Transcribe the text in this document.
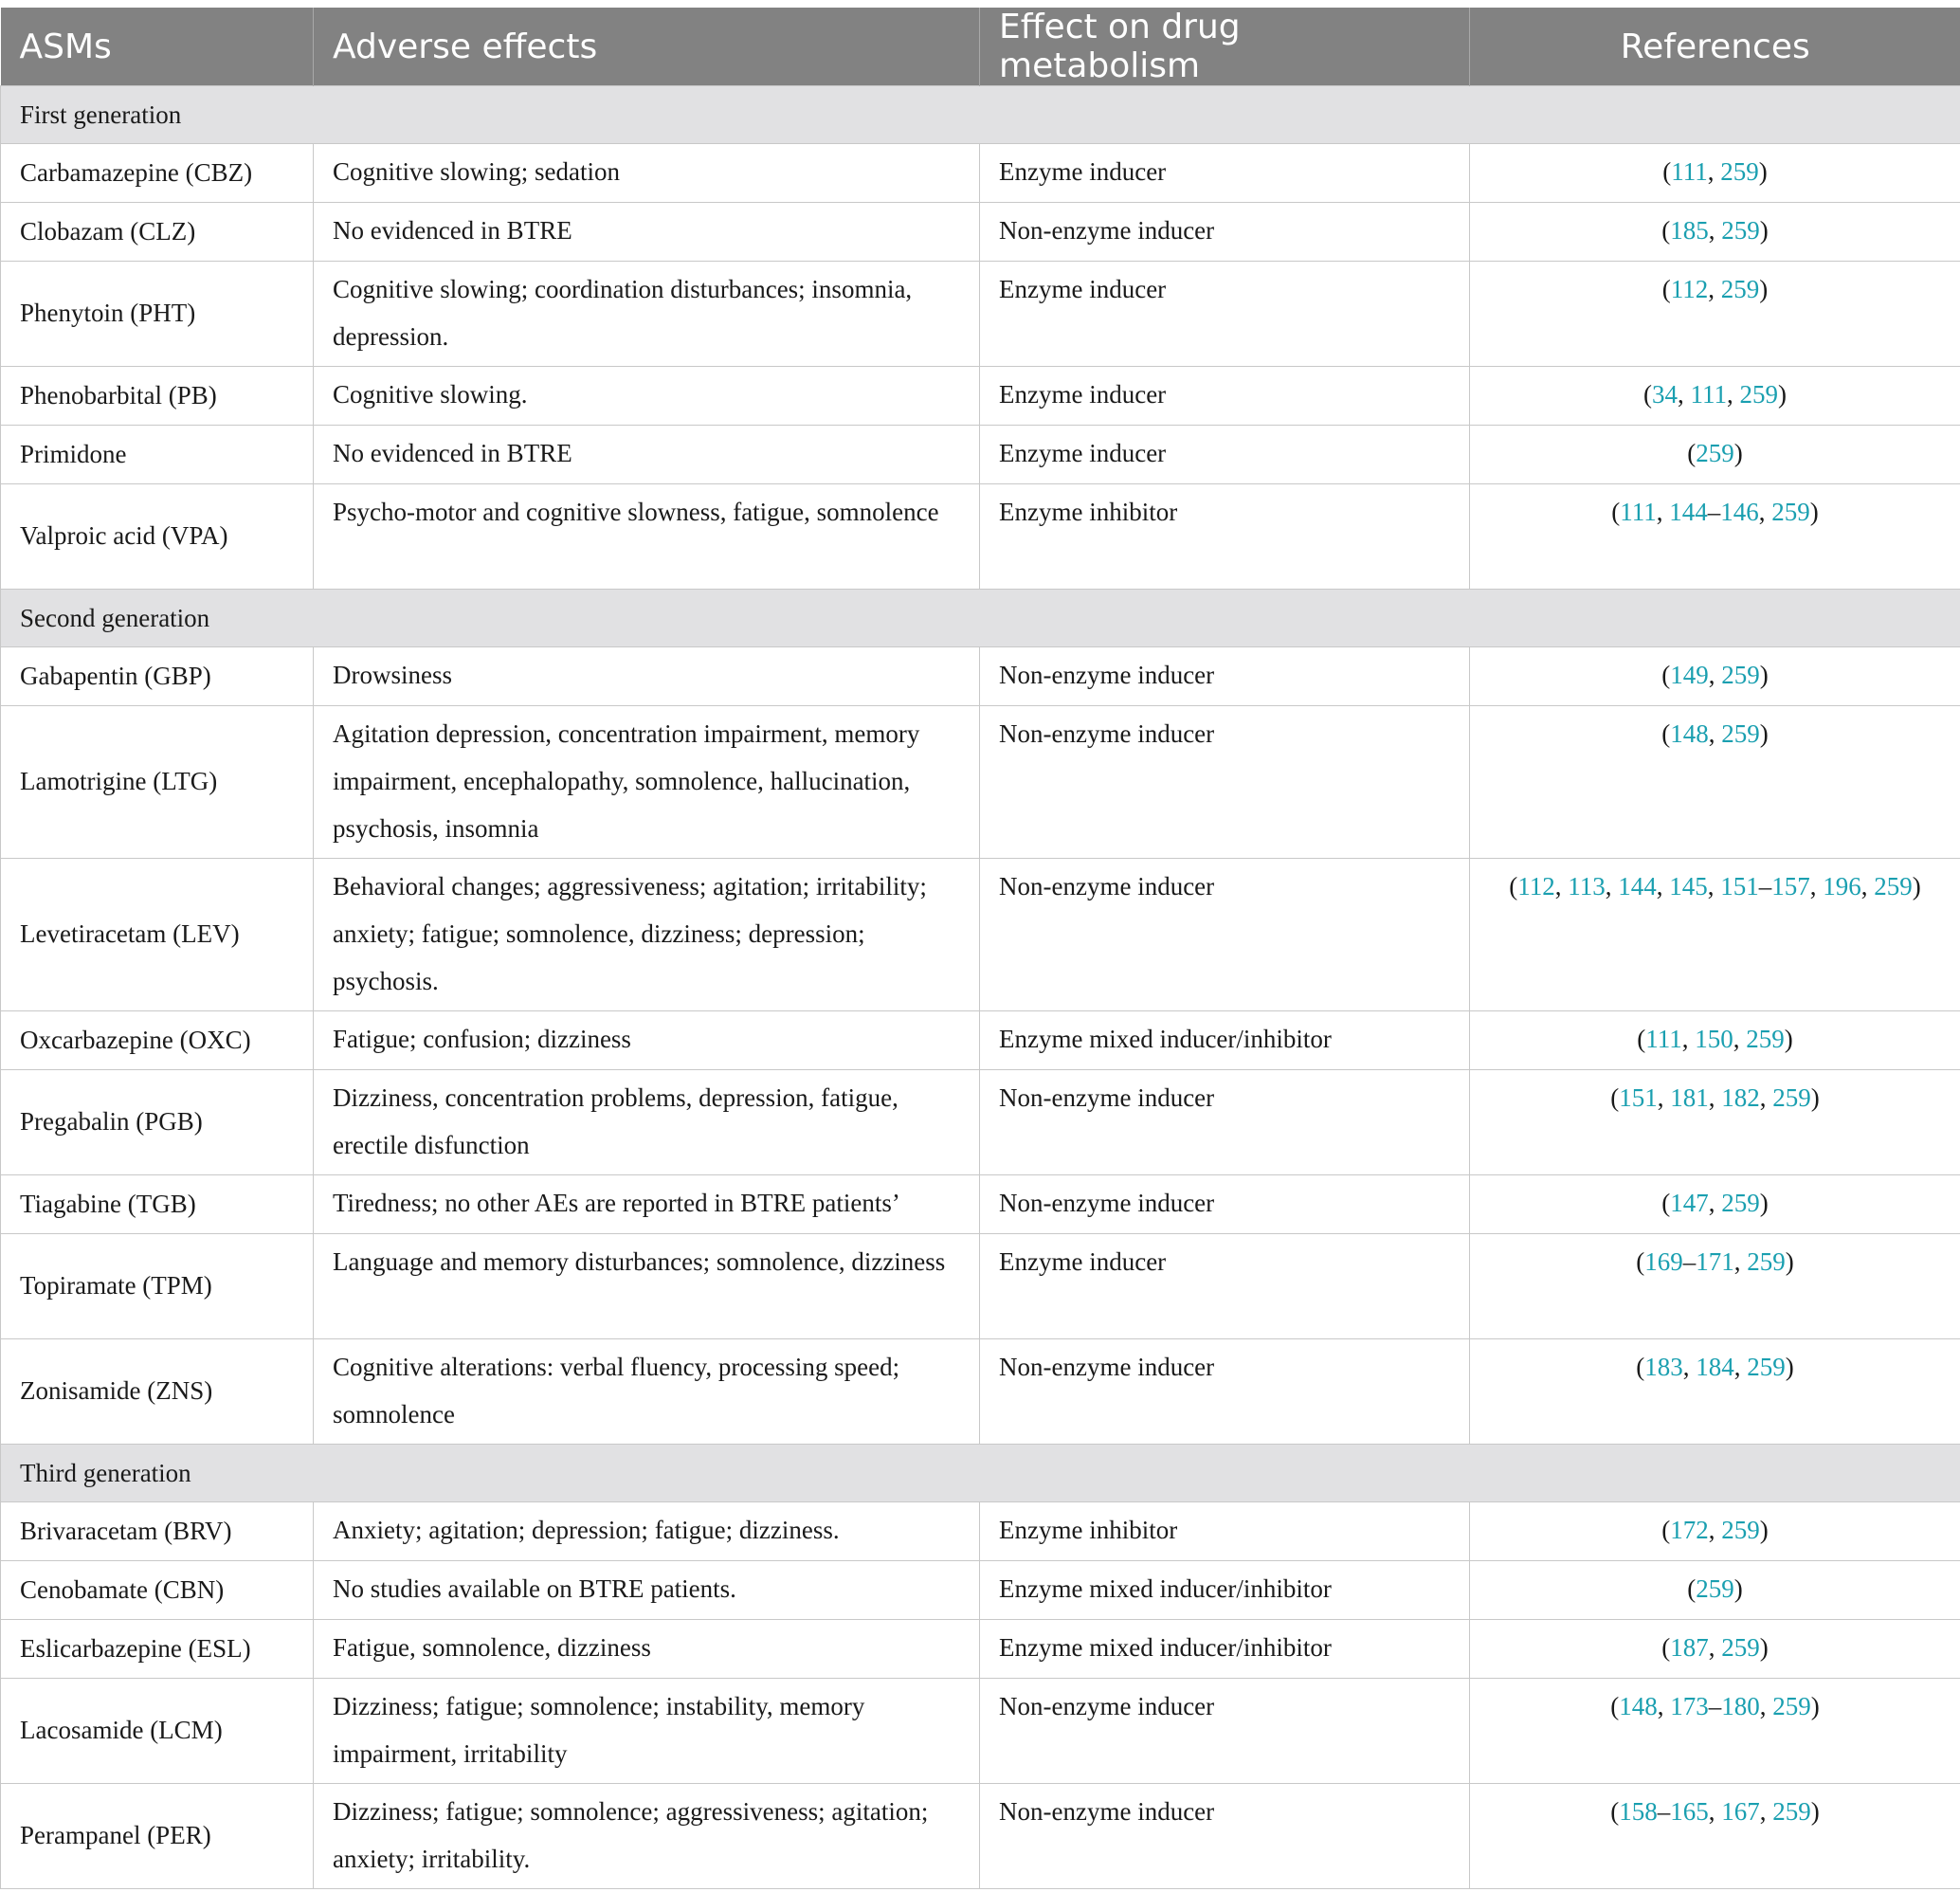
ASMs	Adverse effects	Effect on drug metabolism	References
First generation			
Carbamazepine (CBZ)	Cognitive slowing; sedation	Enzyme inducer	(111, 259)
Clobazam (CLZ)	No evidenced in BTRE	Non-enzyme inducer	(185, 259)
Phenytoin (PHT)	Cognitive slowing; coordination disturbances; insomnia, depression.	Enzyme inducer	(112, 259)
Phenobarbital (PB)	Cognitive slowing.	Enzyme inducer	(34, 111, 259)
Primidone	No evidenced in BTRE	Enzyme inducer	(259)
Valproic acid (VPA)	Psycho-motor and cognitive slowness, fatigue, somnolence	Enzyme inhibitor	(111, 144–146, 259)
Second generation			
Gabapentin (GBP)	Drowsiness	Non-enzyme inducer	(149, 259)
Lamotrigine (LTG)	Agitation depression, concentration impairment, memory impairment, encephalopathy, somnolence, hallucination, psychosis, insomnia	Non-enzyme inducer	(148, 259)
Levetiracetam (LEV)	Behavioral changes; aggressiveness; agitation; irritability; anxiety; fatigue; somnolence, dizziness; depression; psychosis.	Non-enzyme inducer	(112, 113, 144, 145, 151–157, 196, 259)
Oxcarbazepine (OXC)	Fatigue; confusion; dizziness	Enzyme mixed inducer/inhibitor	(111, 150, 259)
Pregabalin (PGB)	Dizziness, concentration problems, depression, fatigue, erectile disfunction	Non-enzyme inducer	(151, 181, 182, 259)
Tiagabine (TGB)	Tiredness; no other AEs are reported in BTRE patients’	Non-enzyme inducer	(147, 259)
Topiramate (TPM)	Language and memory disturbances; somnolence, dizziness	Enzyme inducer	(169–171, 259)
Zonisamide (ZNS)	Cognitive alterations: verbal fluency, processing speed; somnolence	Non-enzyme inducer	(183, 184, 259)
Third generation			
Brivaracetam (BRV)	Anxiety; agitation; depression; fatigue; dizziness.	Enzyme inhibitor	(172, 259)
Cenobamate (CBN)	No studies available on BTRE patients.	Enzyme mixed inducer/inhibitor	(259)
Eslicarbazepine (ESL)	Fatigue, somnolence, dizziness	Enzyme mixed inducer/inhibitor	(187, 259)
Lacosamide (LCM)	Dizziness; fatigue; somnolence; instability, memory impairment, irritability	Non-enzyme inducer	(148, 173–180, 259)
Perampanel (PER)	Dizziness; fatigue; somnolence; aggressiveness; agitation; anxiety; irritability.	Non-enzyme inducer	(158–165, 167, 259)
